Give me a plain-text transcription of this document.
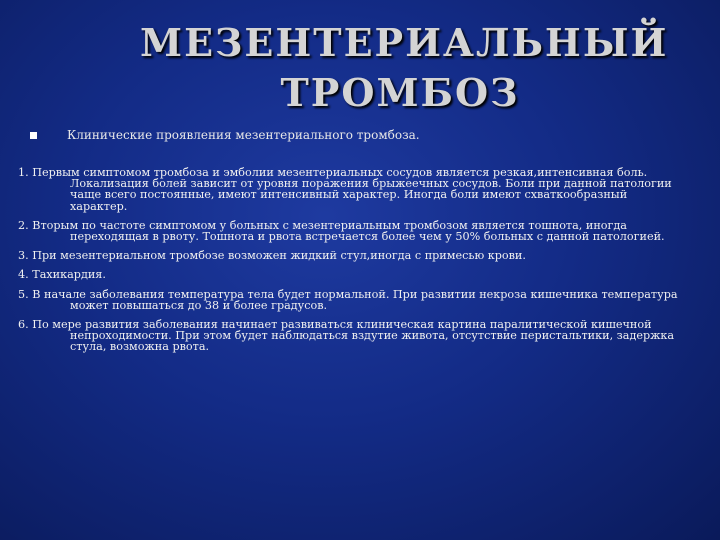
МЕЗЕНТЕРИАЛЬНЫЙ
ТРОМБОЗ
Клинические проявления мезентериального тромбоза.

1. Первым симптомом тромбоза и эмболии мезентериальных сосудов является резкая,интенсивная боль. Локализация болей зависит от уровня поражения брыжеечных сосудов. Боли при данной патологии чаще всего постоянные, имеют интенсивный характер. Иногда боли имеют схваткообразный характер.

2. Вторым по частоте симптомом у больных с мезентериальным тромбозом является тошнота, иногда переходящая в рвоту. Тошнота и рвота встречается более чем у 50% больных с данной патологией.

3. При мезентериальном тромбозе возможен жидкий стул,иногда с примесью крови.

4. Тахикардия.

5. В начале заболевания температура тела будет нормальной. При развитии некроза кишечника температура может повышаться до 38 и более градусов.

6. По мере развития заболевания начинает развиваться клиническая картина паралитической кишечной непроходимости. При этом будет наблюдаться вздутие живота, отсутствие перистальтики, задержка стула, возможна рвота.
